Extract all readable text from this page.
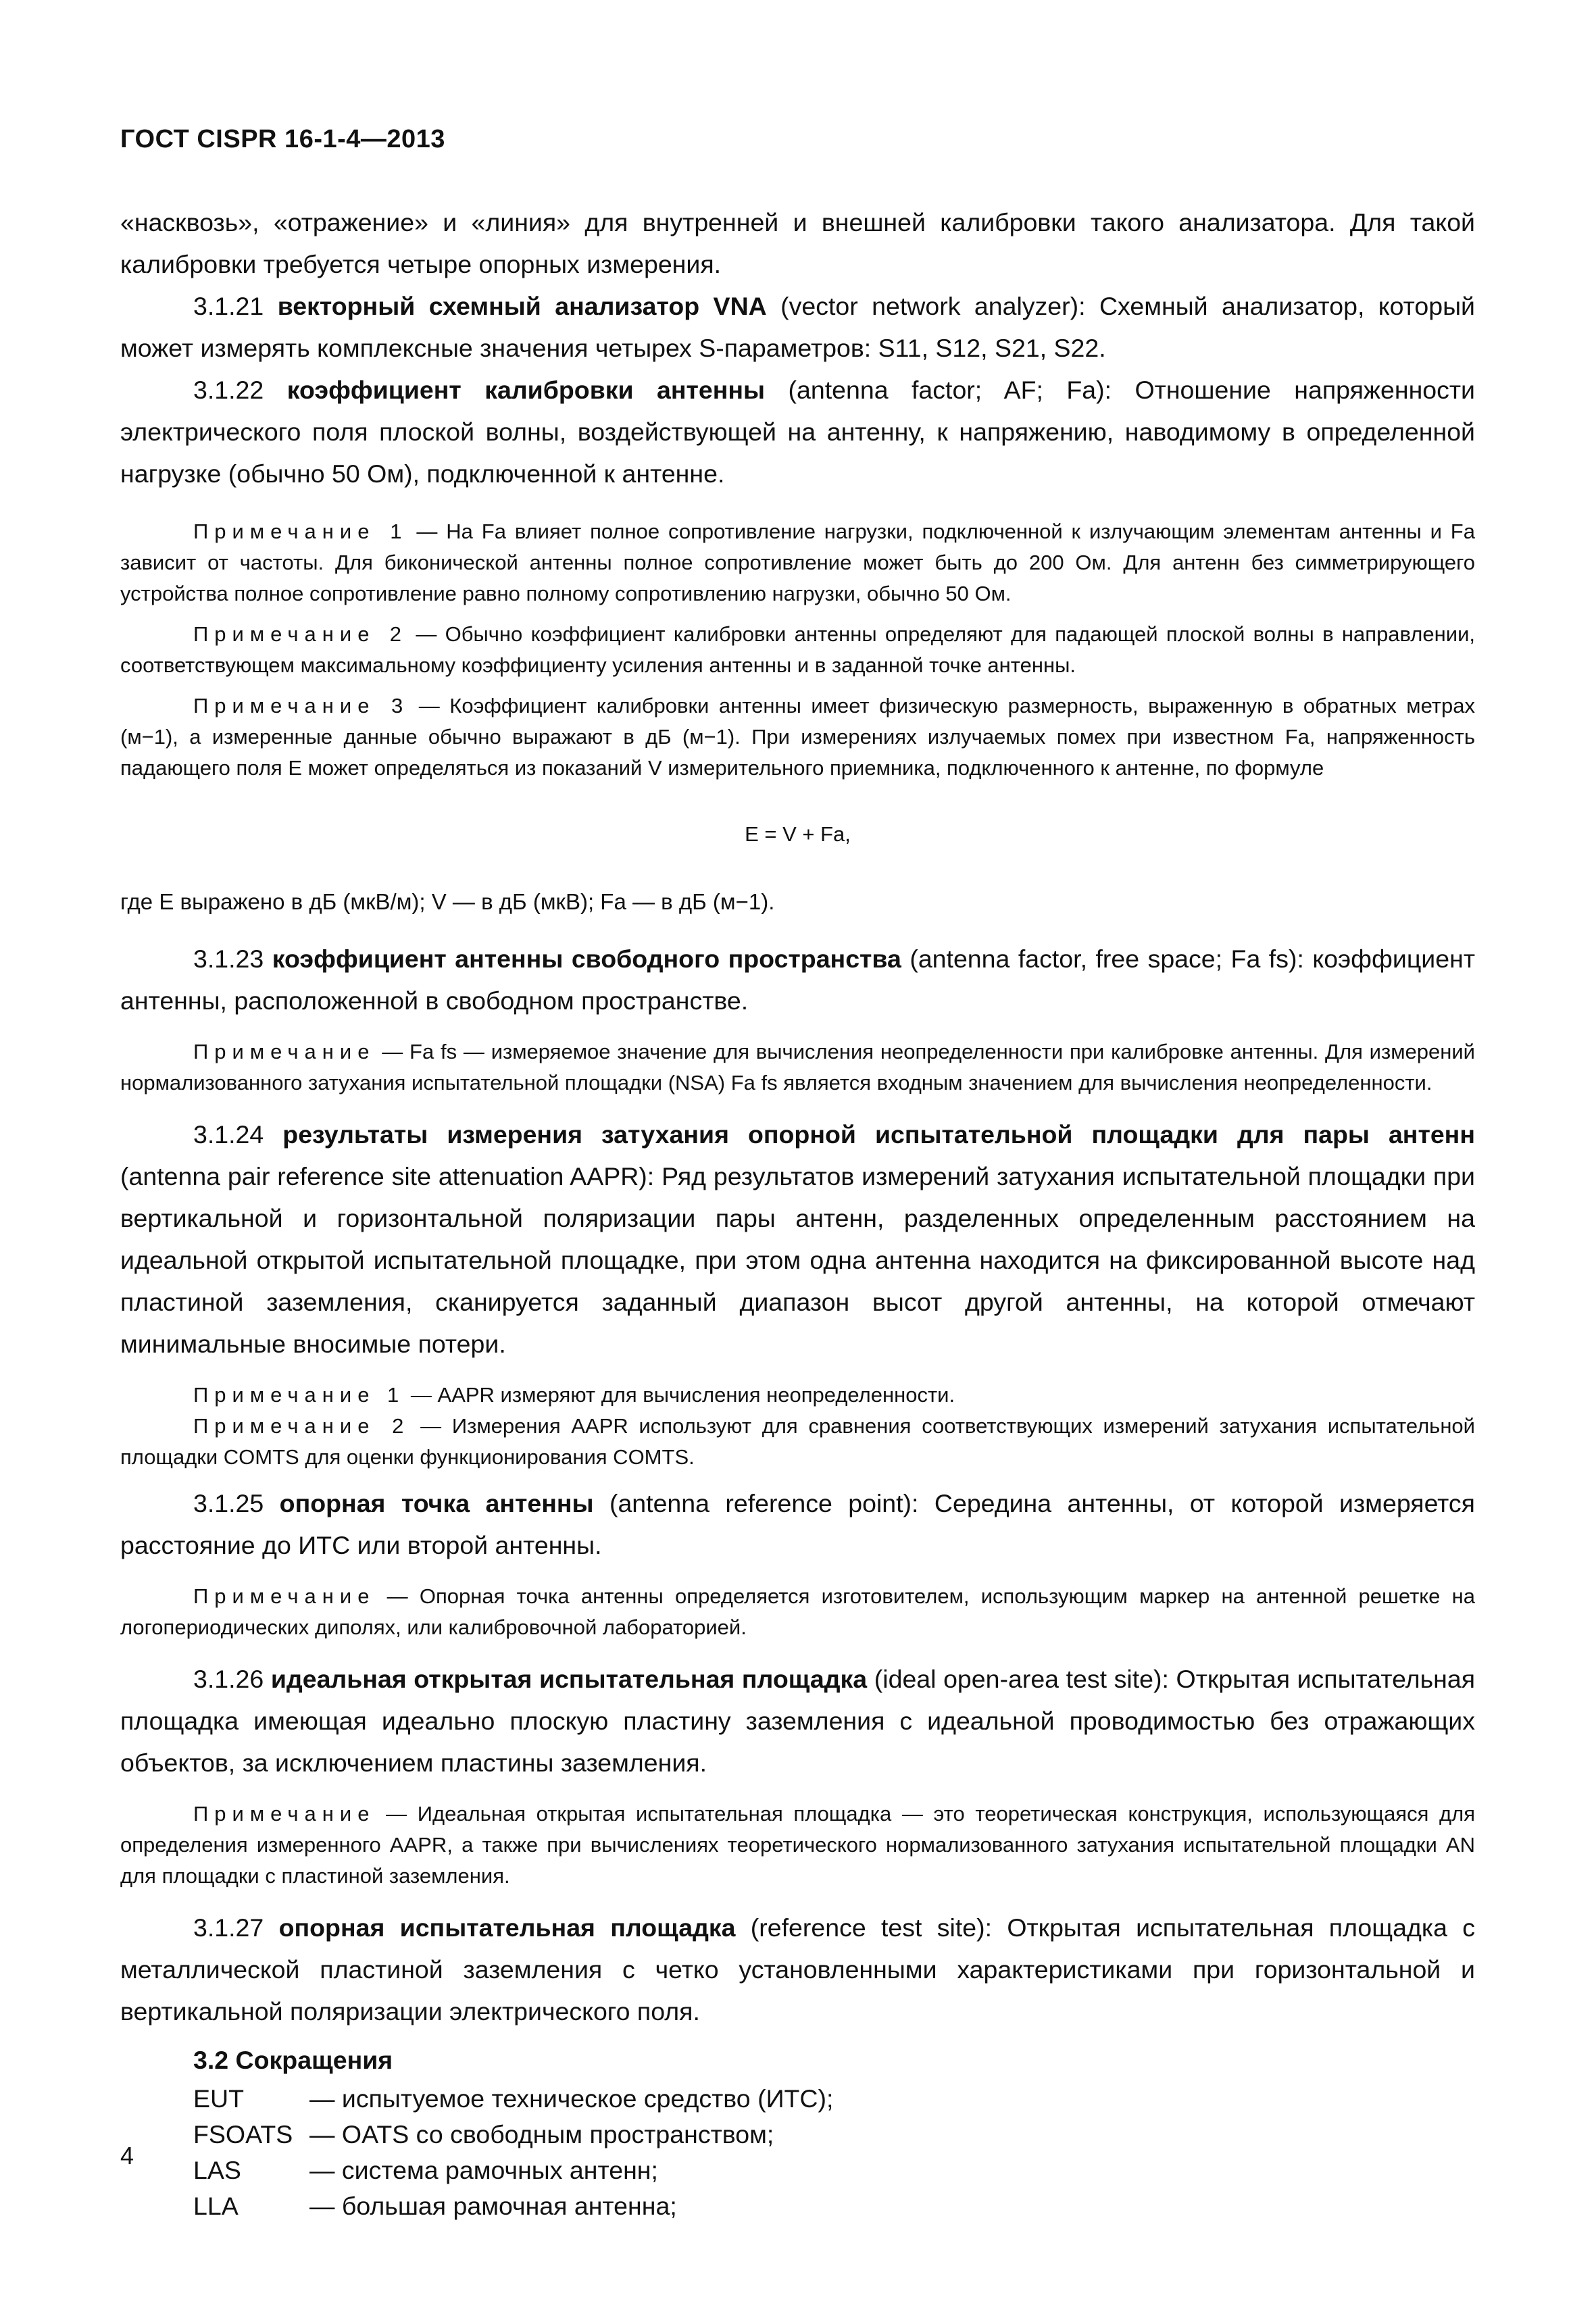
ГОСТ CISPR 16-1-4—2013

«насквозь», «отражение» и «линия» для внутренней и внешней калибровки такого анализатора. Для такой калибровки требуется четыре опорных измерения.

3.1.21 векторный схемный анализатор VNA (vector network analyzer): Схемный анализатор, который может измерять комплексные значения четырех S-параметров: S11, S12, S21, S22.

3.1.22 коэффициент калибровки антенны (antenna factor; AF; Fa): Отношение напряженности электрического поля плоской волны, воздействующей на антенну, к напряжению, наводимому в определенной нагрузке (обычно 50 Ом), подключенной к антенне.

Примечание 1 — На Fa влияет полное сопротивление нагрузки, подключенной к излучающим элементам антенны и Fa зависит от частоты. Для биконической антенны полное сопротивление может быть до 200 Ом. Для антенн без симметрирующего устройства полное сопротивление равно полному сопротивлению нагрузки, обычно 50 Ом.

Примечание 2 — Обычно коэффициент калибровки антенны определяют для падающей плоской волны в направлении, соответствующем максимальному коэффициенту усиления антенны и в заданной точке антенны.

Примечание 3 — Коэффициент калибровки антенны имеет физическую размерность, выраженную в обратных метрах (м−1), а измеренные данные обычно выражают в дБ (м−1). При измерениях излучаемых помех при известном Fa, напряженность падающего поля E может определяться из показаний V измерительного приемника, подключенного к антенне, по формуле

E = V + Fa,

где E выражено в дБ (мкВ/м); V — в дБ (мкВ); Fa — в дБ (м−1).

3.1.23 коэффициент антенны свободного пространства (antenna factor, free space; Fa fs): коэффициент антенны, расположенной в свободном пространстве.

Примечание — Fa fs — измеряемое значение для вычисления неопределенности при калибровке антенны. Для измерений нормализованного затухания испытательной площадки (NSA) Fa fs является входным значением для вычисления неопределенности.

3.1.24 результаты измерения затухания опорной испытательной площадки для пары антенн (antenna pair reference site attenuation AAPR): Ряд результатов измерений затухания испытательной площадки при вертикальной и горизонтальной поляризации пары антенн, разделенных определенным расстоянием на идеальной открытой испытательной площадке, при этом одна антенна находится на фиксированной высоте над пластиной заземления, сканируется заданный диапазон высот другой антенны, на которой отмечают минимальные вносимые потери.

Примечание 1 — AAPR измеряют для вычисления неопределенности.

Примечание 2 — Измерения AAPR используют для сравнения соответствующих измерений затухания испытательной площадки COMTS для оценки функционирования COMTS.

3.1.25 опорная точка антенны (antenna reference point): Середина антенны, от которой измеряется расстояние до ИТС или второй антенны.

Примечание — Опорная точка антенны определяется изготовителем, использующим маркер на антенной решетке на логопериодических диполях, или калибровочной лабораторией.

3.1.26 идеальная открытая испытательная площадка (ideal open-area test site): Открытая испытательная площадка имеющая идеально плоскую пластину заземления с идеальной проводимостью без отражающих объектов, за исключением пластины заземления.

Примечание — Идеальная открытая испытательная площадка — это теоретическая конструкция, использующаяся для определения измеренного AAPR, а также при вычислениях теоретического нормализованного затухания испытательной площадки AN для площадки с пластиной заземления.

3.1.27 опорная испытательная площадка (reference test site): Открытая испытательная площадка с металлической пластиной заземления с четко установленными характеристиками при горизонтальной и вертикальной поляризации электрического поля.

3.2 Сокращения
EUT	— испытуемое техническое средство (ИТС);
FSOATS — OATS со свободным пространством;
LAS	— система рамочных антенн;
LLA	— большая рамочная антенна;
4
